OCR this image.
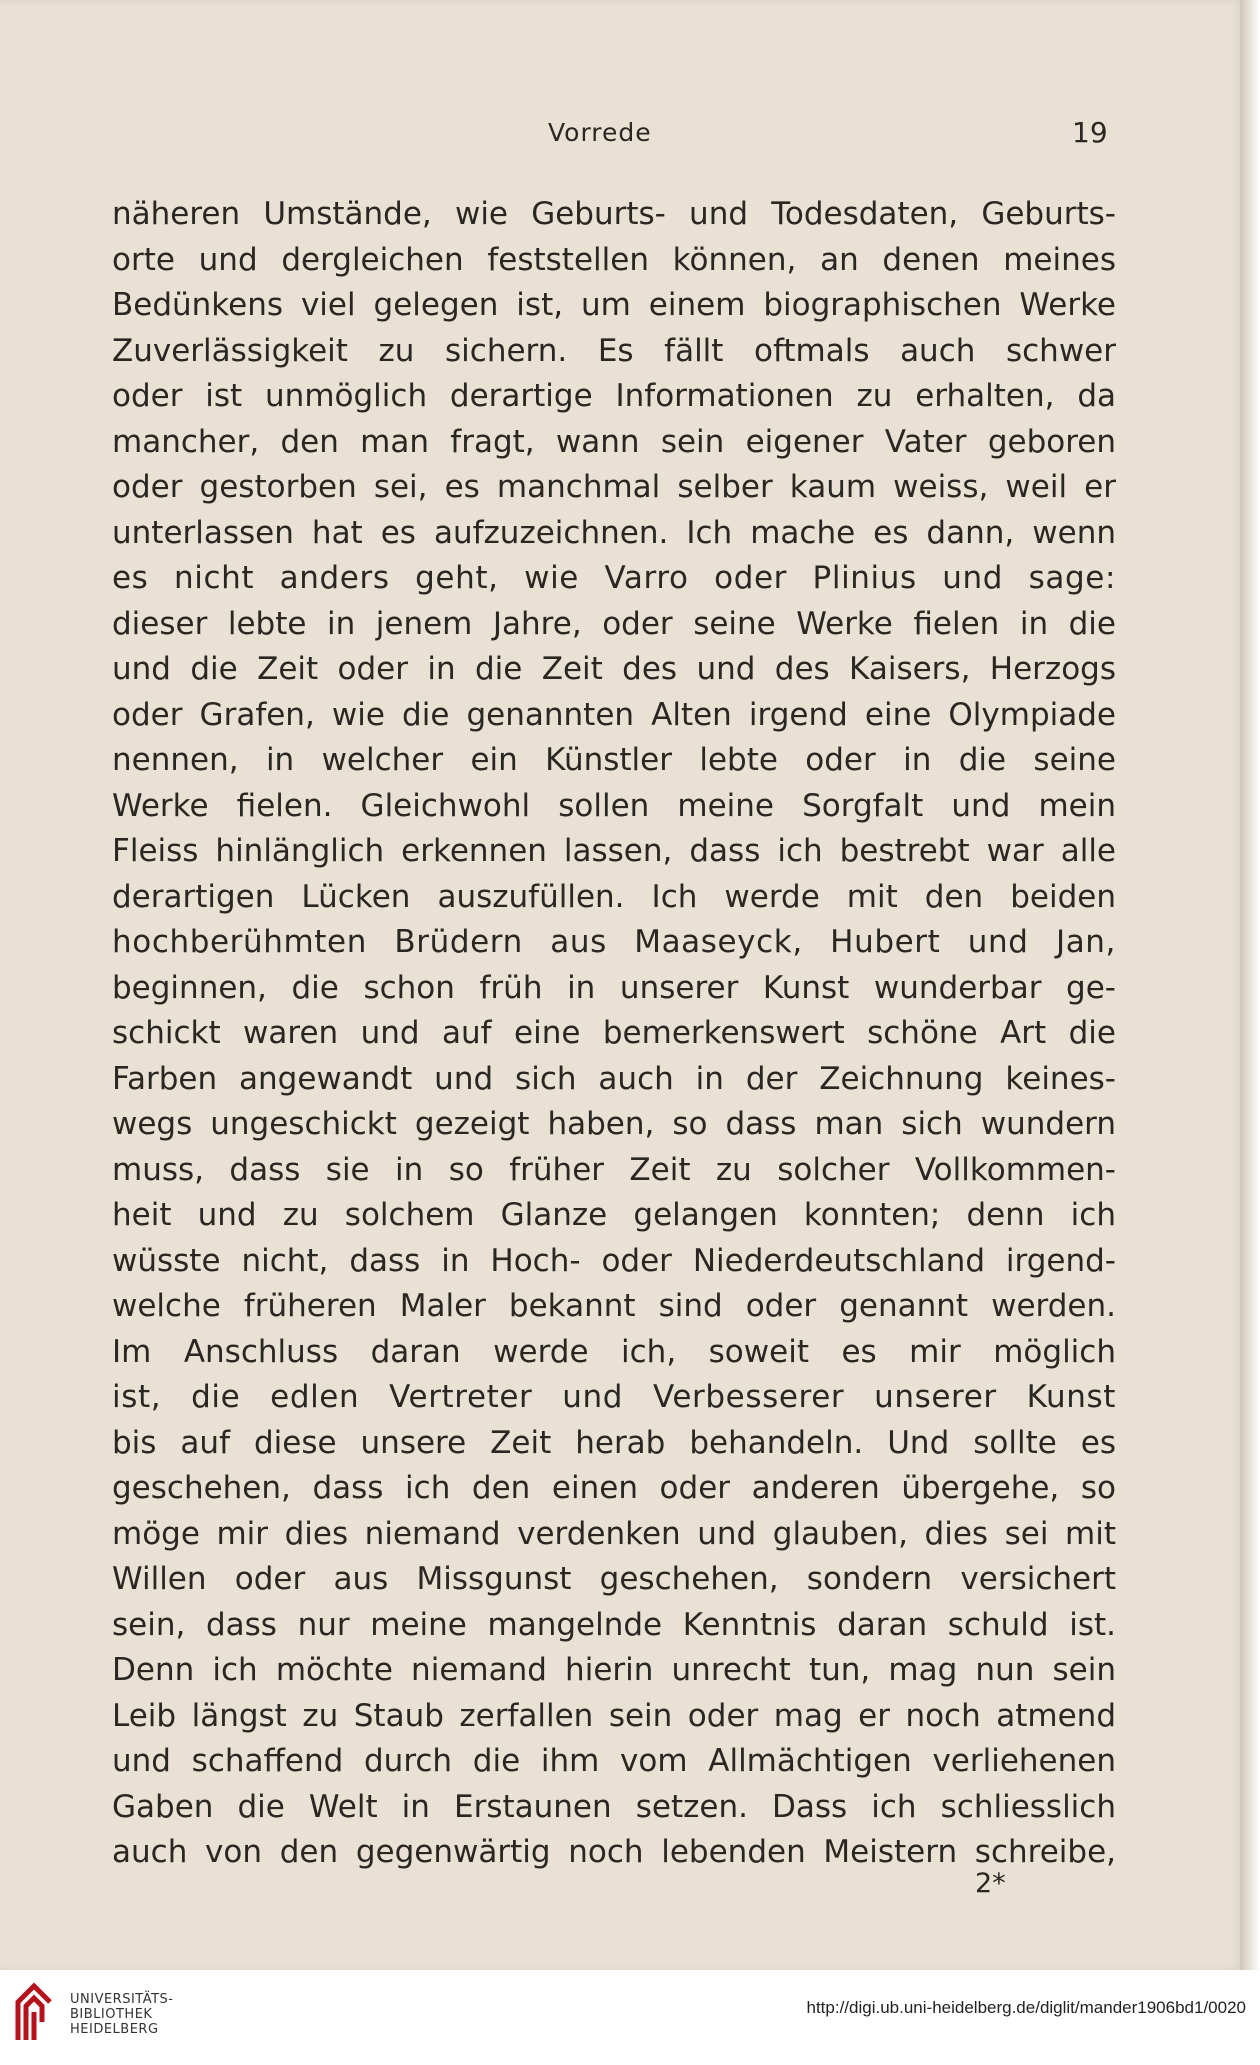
Vorrede	19
näheren Umstände, wie Geburts- und Todesdaten, Geburts-
orte und dergleichen feststellen können, an denen meines
Bedünkens viel gelegen ist, um einem biographischen Werke
Zuverlässigkeit zu sichern. Es fällt oftmals auch schwer
oder ist unmöglich derartige Informationen zu erhalten, da
mancher, den man fragt, wann sein eigener Vater geboren
oder gestorben sei, es manchmal selber kaum weiss, weil er
unterlassen hat es aufzuzeichnen. Ich mache es dann, wenn
es nicht anders geht, wie Varro oder Plinius und sage:
dieser lebte in jenem Jahre, oder seine Werke fielen in die
und die Zeit oder in die Zeit des und des Kaisers, Herzogs
oder Grafen, wie die genannten Alten irgend eine Olympiade
nennen, in welcher ein Künstler lebte oder in die seine
Werke fielen. Gleichwohl sollen meine Sorgfalt und mein
Fleiss hinlänglich erkennen lassen, dass ich bestrebt war alle
derartigen Lücken auszufüllen. Ich werde mit den beiden
hochberühmten Brüdern aus Maaseyck, Hubert und Jan,
beginnen, die schon früh in unserer Kunst wunderbar ge-
schickt waren und auf eine bemerkenswert schöne Art die
Farben angewandt und sich auch in der Zeichnung keines-
wegs ungeschickt gezeigt haben, so dass man sich wundern
muss, dass sie in so früher Zeit zu solcher Vollkommen-
heit und zu solchem Glanze gelangen konnten; denn ich
wüsste nicht, dass in Hoch- oder Niederdeutschland irgend-
welche früheren Maler bekannt sind oder genannt werden.
Im Anschluss daran werde ich, soweit es mir möglich
ist, die edlen Vertreter und Verbesserer unserer Kunst
bis auf diese unsere Zeit herab behandeln. Und sollte es
geschehen, dass ich den einen oder anderen übergehe, so
möge mir dies niemand verdenken und glauben, dies sei mit
Willen oder aus Missgunst geschehen, sondern versichert
sein, dass nur meine mangelnde Kenntnis daran schuld ist.
Denn ich möchte niemand hierin unrecht tun, mag nun sein
Leib längst zu Staub zerfallen sein oder mag er noch atmend
und schaffend durch die ihm vom Allmächtigen verliehenen
Gaben die Welt in Erstaunen setzen. Dass ich schliesslich
auch von den gegenwärtig noch lebenden Meistern schreibe,
2*
UNIVERSITÄTS-
BIBLIOTHEK
HEIDELBERG
http://digi.ub.uni-heidelberg.de/diglit/mander1906bd1/0020
